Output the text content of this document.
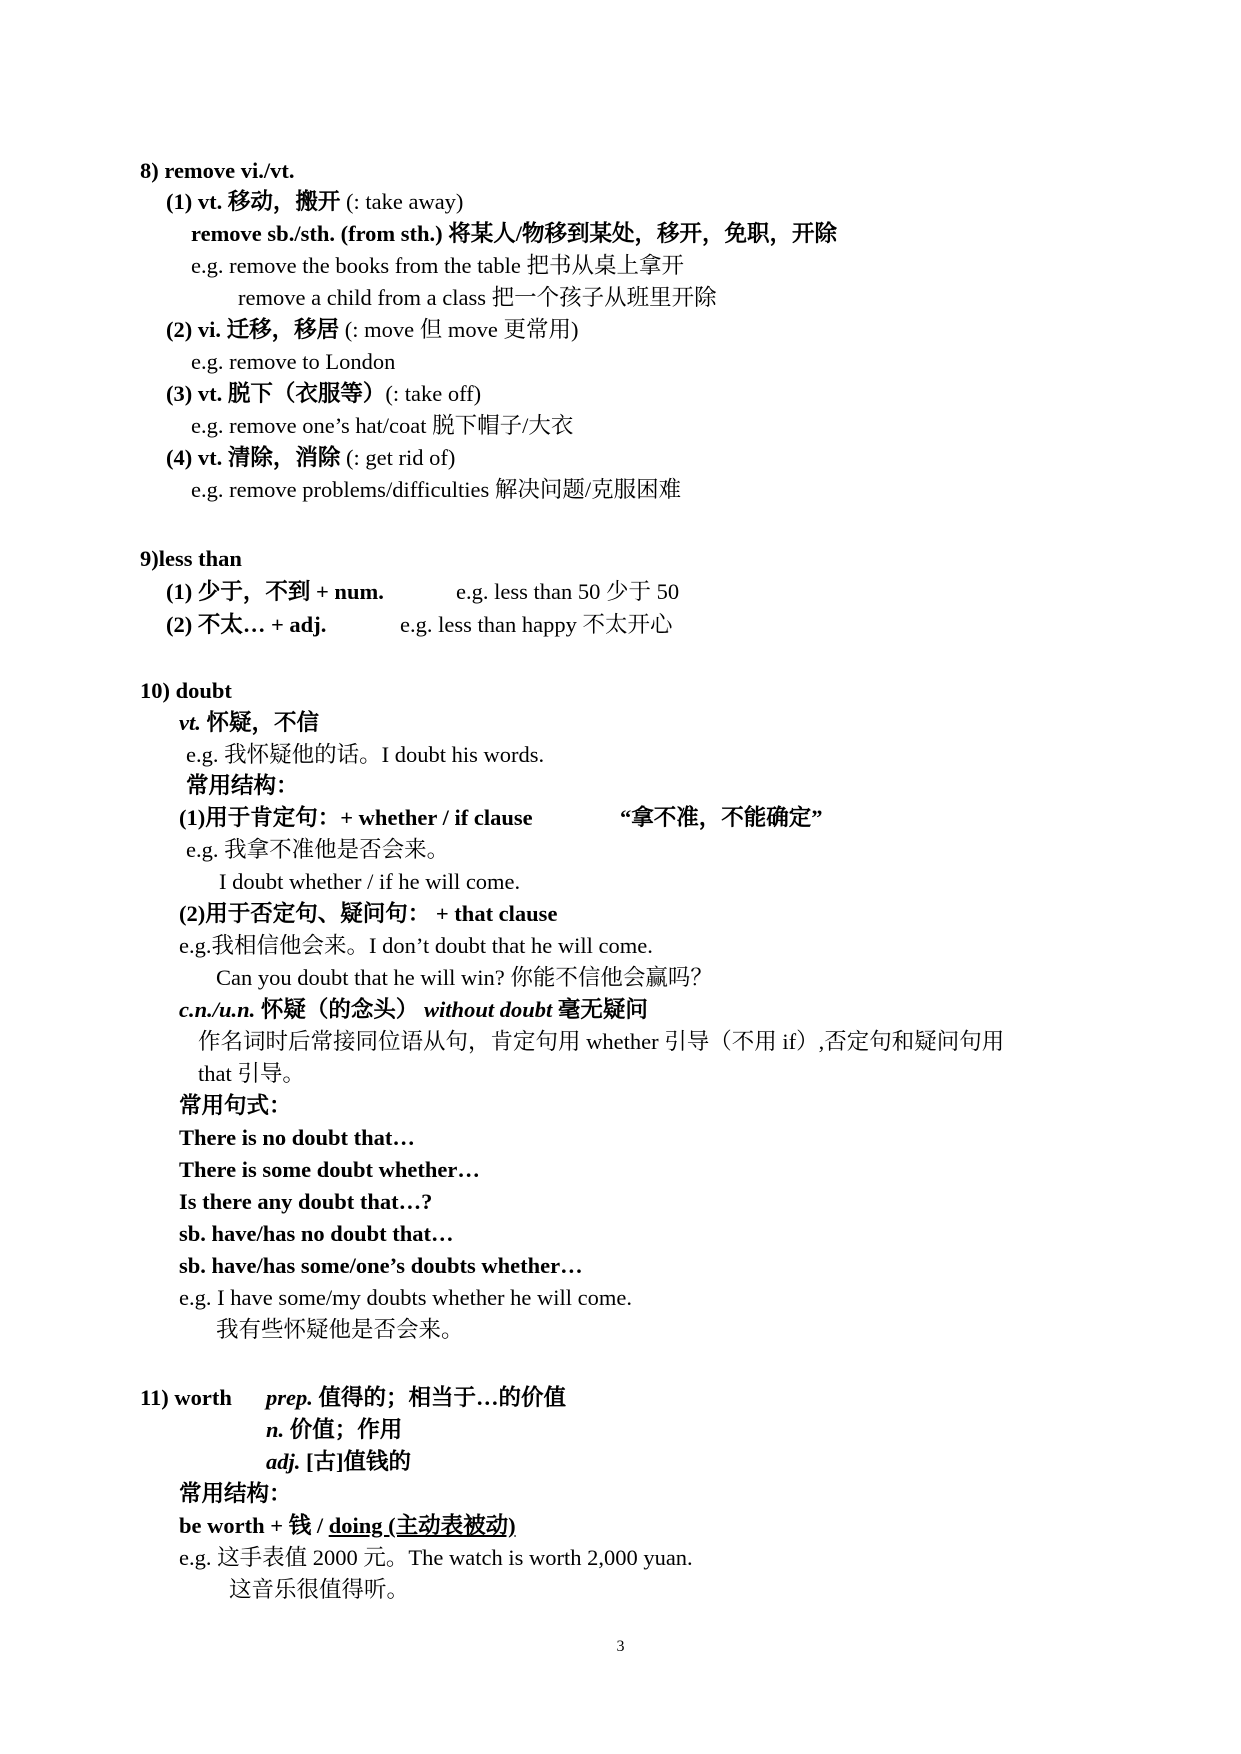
8) remove vi./vt.
(1) vt. 移动，搬开 (: take away)
remove sb./sth. (from sth.) 将某人/物移到某处，移开，免职，开除
e.g. remove the books from the table 把书从桌上拿开
remove a child from a class 把一个孩子从班里开除
(2) vi. 迁移，移居 (: move 但 move 更常用)
e.g. remove to London
(3) vt. 脱下（衣服等）(: take off)
e.g. remove one’s hat/coat 脱下帽子/大衣
(4) vt. 清除，消除 (: get rid of)
e.g. remove problems/difficulties 解决问题/克服困难
9)less than
(1) 少于，不到 + num.	e.g. less than 50 少于 50
(2) 不太… + adj.	e.g. less than happy 不太开心
10) doubt
vt. 怀疑，不信
e.g. 我怀疑他的话。I doubt his words.
常用结构：
(1)用于肯定句：+ whether / if clause	“拿不准，不能确定”
e.g. 我拿不准他是否会来。
I doubt whether / if he will come.
(2)用于否定句、疑问句： + that clause
e.g.我相信他会来。I don’t doubt that he will come.
Can you doubt that he will win? 你能不信他会赢吗？
c.n./u.n. 怀疑（的念头） without doubt 毫无疑问
作名词时后常接同位语从句，肯定句用 whether 引导（不用 if）,否定句和疑问句用
that 引导。
常用句式：
There is no doubt that…
There is some doubt whether…
Is there any doubt that…?
sb. have/has no doubt that…
sb. have/has some/one’s doubts whether…
e.g. I have some/my doubts whether he will come.
我有些怀疑他是否会来。
11) worth prep. 值得的；相当于…的价值
n. 价值；作用
adj. [古]值钱的
常用结构：
be worth + 钱 / doing (主动表被动)
e.g. 这手表值 2000 元。The watch is worth 2,000 yuan.
这音乐很值得听。
3
